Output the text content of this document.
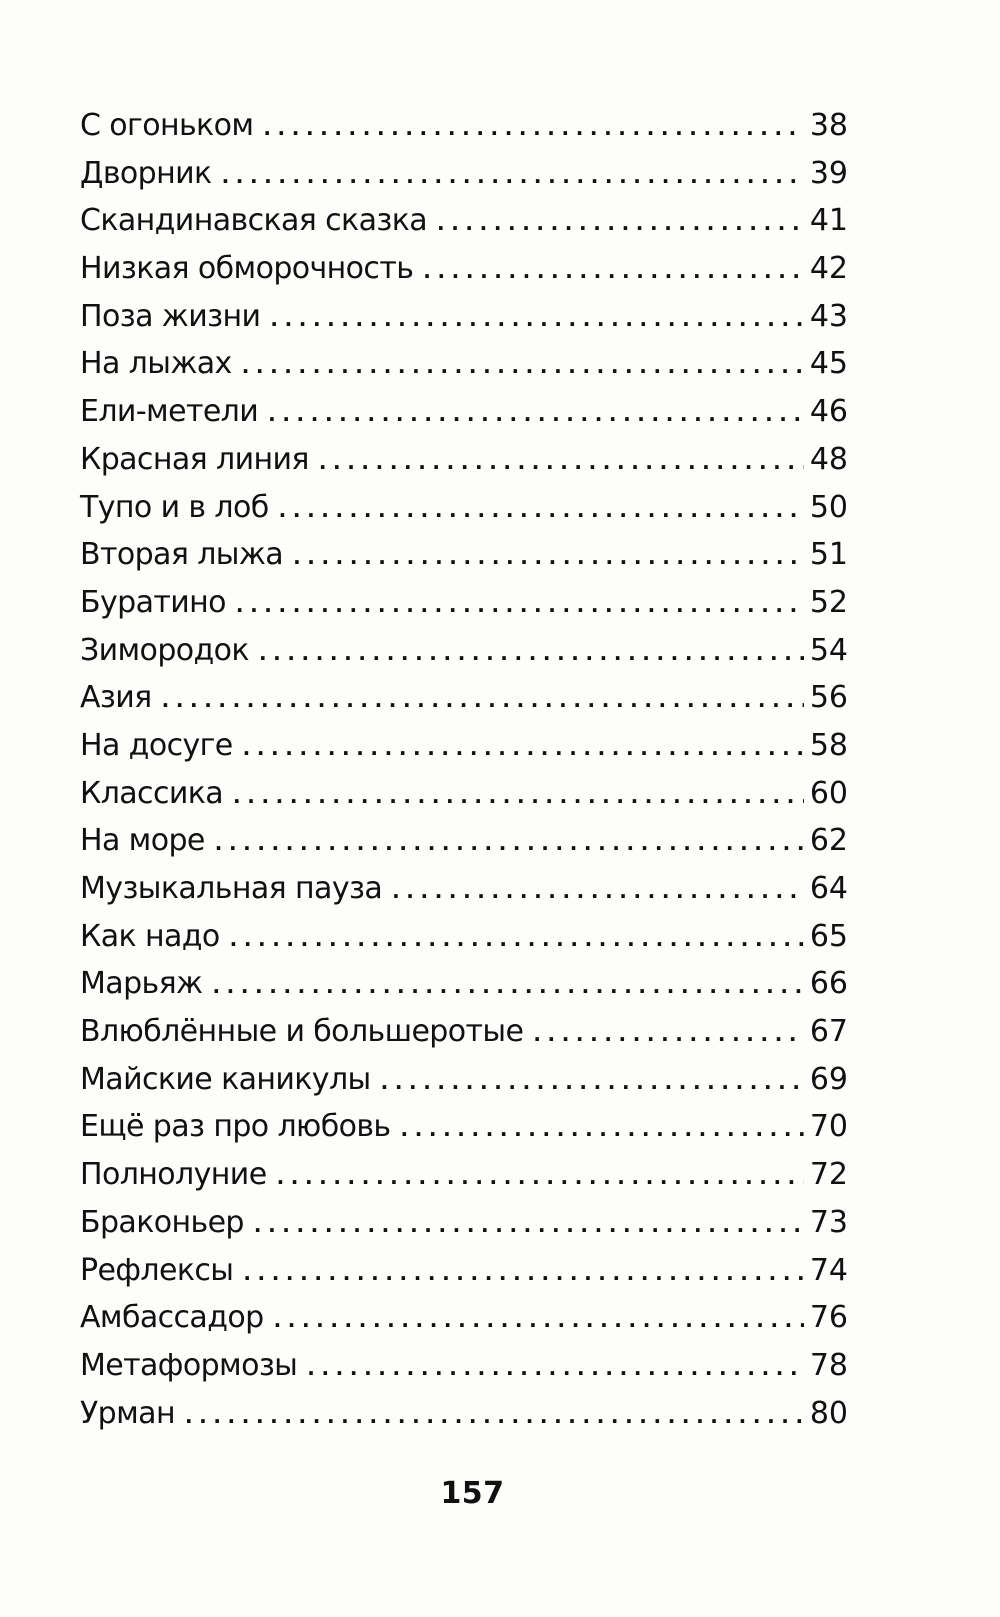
С огоньком .....	38
Дворник .....	39
Скандинавская сказка .....	41
Низкая обморочность .....	42
Поза жизни .....	43
На лыжах .....	45
Ели-метели .....	46
Красная линия .....	48
Тупо и в лоб .....	50
Вторая лыжа .....	51
Буратино .....	52
Зимородок .....	54
Азия .....	56
На досуге .....	58
Классика .....	60
На море .....	62
Музыкальная пауза .....	64
Как надо .....	65
Марьяж .....	66
Влюблённые и большеротые .....	67
Майские каникулы .....	69
Ещё раз про любовь .....	70
Полнолуние .....	72
Браконьер .....	73
Рефлексы .....	74
Амбассадор .....	76
Метаформозы .....	78
Урман .....	80
157
